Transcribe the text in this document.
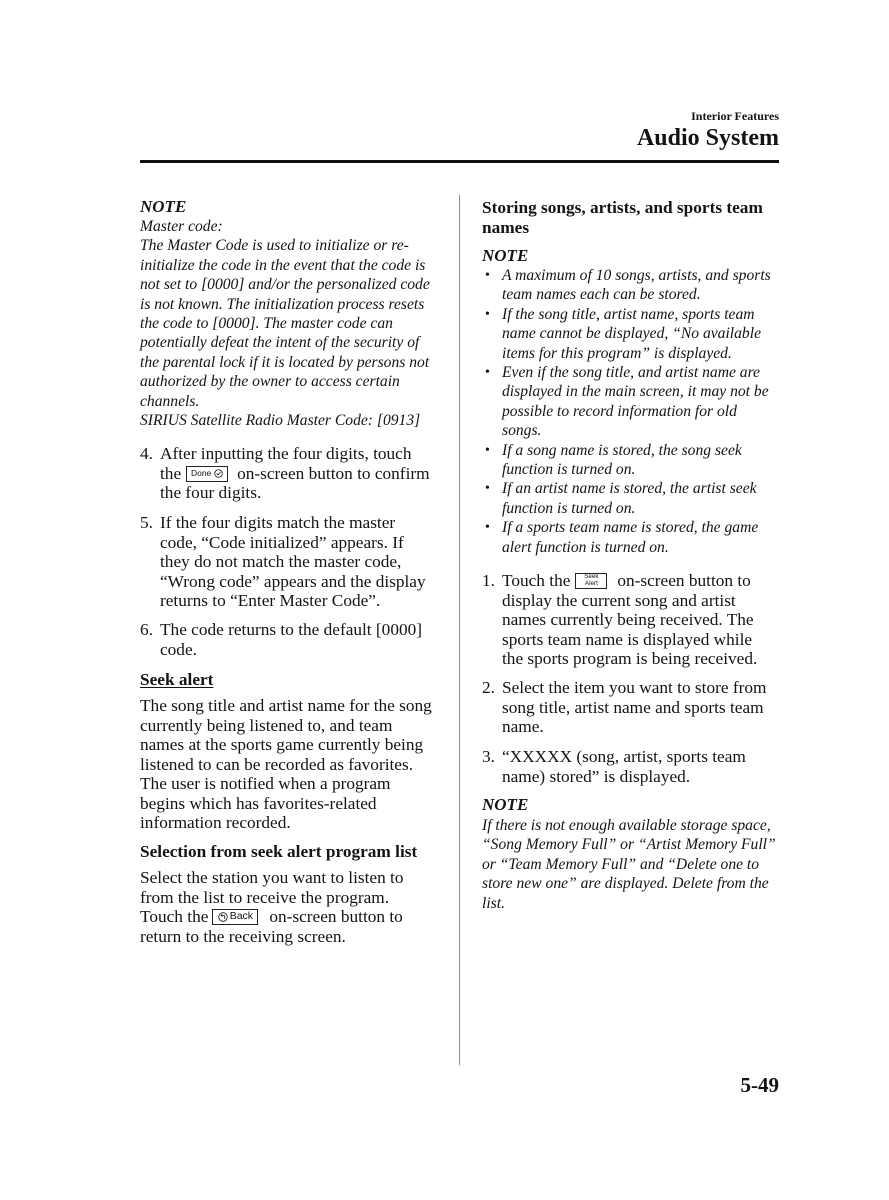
Interior Features
Audio System
NOTE
Master code:
The Master Code is used to initialize or re-
initialize the code in the event that the code is
not set to [0000] and/or the personalized code
is not known. The initialization process resets
the code to [0000]. The master code can
potentially defeat the intent of the security of
the parental lock if it is located by persons not
authorized by the owner to access certain
channels.
SIRIUS Satellite Radio Master Code: [0913]
4. After inputting the four digits, touch
the Done on-screen button to confirm
the four digits.
5. If the four digits match the master
code, “Code initialized” appears. If
they do not match the master code,
“Wrong code” appears and the display
returns to “Enter Master Code”.
6. The code returns to the default [0000]
code.
Seek alert
The song title and artist name for the song
currently being listened to, and team
names at the sports game currently being
listened to can be recorded as favorites.
The user is notified when a program
begins which has favorites-related
information recorded.
Selection from seek alert program list
Select the station you want to listen to
from the list to receive the program.
Touch the Back on-screen button to
return to the receiving screen.
Storing songs, artists, and sports team
names
NOTE
• A maximum of 10 songs, artists, and sports
team names each can be stored.
• If the song title, artist name, sports team
name cannot be displayed, “No available
items for this program” is displayed.
• Even if the song title, and artist name are
displayed in the main screen, it may not be
possible to record information for old
songs.
• If a song name is stored, the song seek
function is turned on.
• If an artist name is stored, the artist seek
function is turned on.
• If a sports team name is stored, the game
alert function is turned on.
1. Touch the Seek
Alert on-screen button to
display the current song and artist
names currently being received. The
sports team name is displayed while
the sports program is being received.
2. Select the item you want to store from
song title, artist name and sports team
name.
3. “XXXXX (song, artist, sports team
name) stored” is displayed.
NOTE
If there is not enough available storage space,
“Song Memory Full” or “Artist Memory Full”
or “Team Memory Full” and “Delete one to
store new one” are displayed. Delete from the
list.
5-49
